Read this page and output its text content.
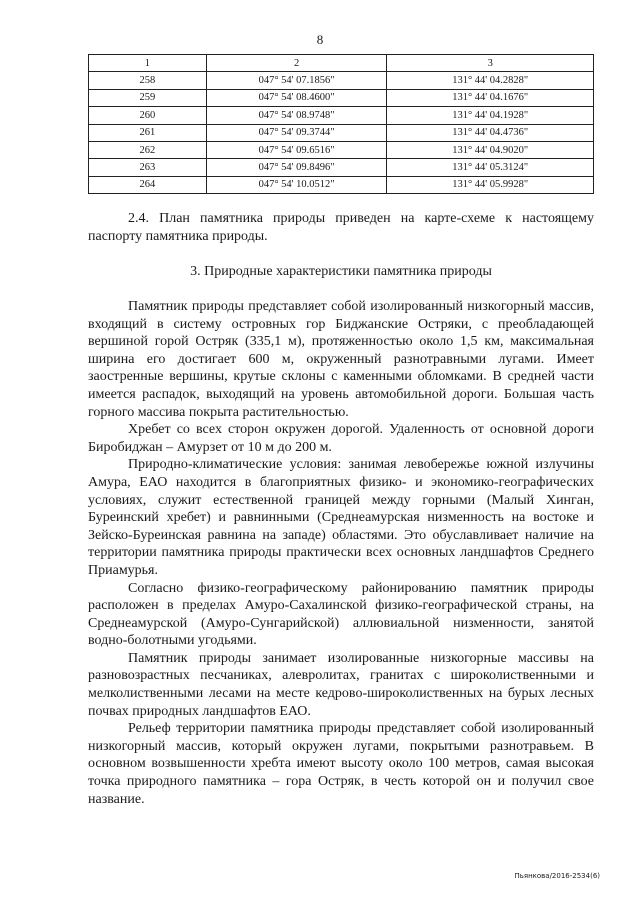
8
1	2	3
258	047° 54' 07.1856"	131° 44' 04.2828"
259	047° 54' 08.4600"	131° 44' 04.1676"
260	047° 54' 08.9748"	131° 44' 04.1928"
261	047° 54' 09.3744"	131° 44' 04.4736"
262	047° 54' 09.6516"	131° 44' 04.9020"
263	047° 54' 09.8496"	131° 44' 05.3124"
264	047° 54' 10.0512"	131° 44' 05.9928"

2.4. План памятника природы приведен на карте-схеме к настоящему паспорту памятника природы.

3. Природные характеристики памятника природы

Памятник природы представляет собой изолированный низкогорный массив, входящий в систему островных гор Биджанские Остряки, с преобладающей вершиной горой Остряк (335,1 м), протяженностью около 1,5 км, максимальная ширина его достигает 600 м, окруженный разнотравными лугами. Имеет заостренные вершины, крутые склоны с каменными обломками. В средней части имеется распадок, выходящий на уровень автомобильной дороги. Большая часть горного массива покрыта растительностью.

Хребет со всех сторон окружен дорогой. Удаленность от основной дороги Биробиджан – Амурзет от 10 м до 200 м.

Природно-климатические условия: занимая левобережье южной излучины Амура, ЕАО находится в благоприятных физико- и экономико-географических условиях, служит естественной границей между горными (Малый Хинган, Буреинский хребет) и равнинными (Среднеамурская низменность на востоке и Зейско-Буреинская равнина на западе) областями. Это обуславливает наличие на территории памятника природы практически всех основных ландшафтов Среднего Приамурья.

Согласно физико-географическому районированию памятник природы расположен в пределах Амуро-Сахалинской физико-географической страны, на Среднеамурской (Амуро-Сунгарийской) аллювиальной низменности, занятой водно-болотными угодьями.

Памятник природы занимает изолированные низкогорные массивы на разновозрастных песчаниках, алевролитах, гранитах с широколиственными и мелколиственными лесами на месте кедрово-широколиственных на бурых лесных почвах природных ландшафтов ЕАО.

Рельеф территории памятника природы представляет собой изолированный низкогорный массив, который окружен лугами, покрытыми разнотравьем. В основном возвышенности хребта имеют высоту около 100 метров, самая высокая точка природного памятника – гора Остряк, в честь которой он и получил свое название.

Пьянкова/2016-2534(6)
